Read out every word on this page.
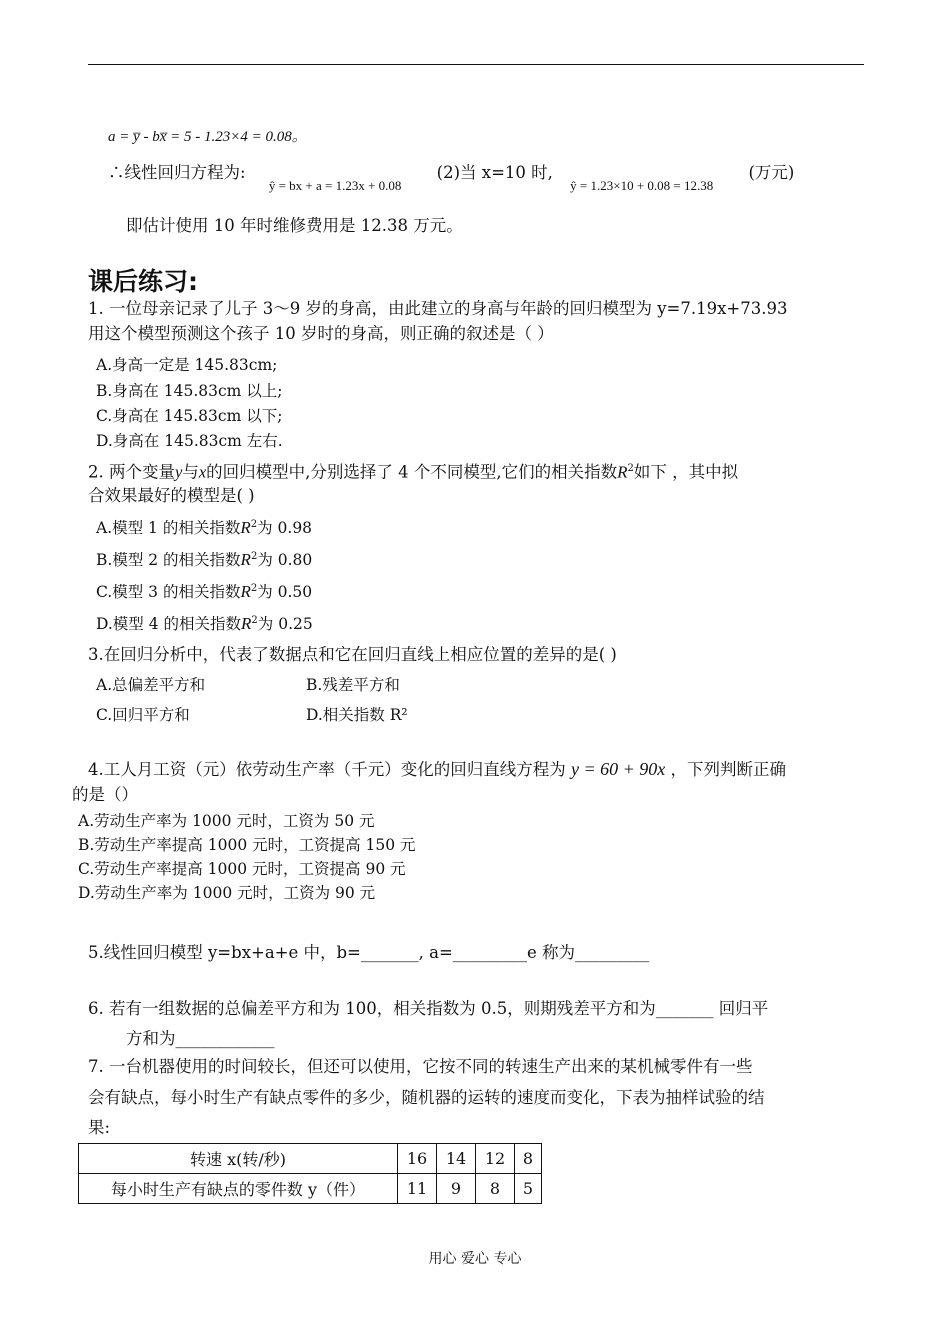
a = y̅ - bx̅ = 5 - 1.23×4 = 0.08。
∴线性回归方程为: $_{ŷ = bx + a = 1.23x + 0.08}$ (2)当 x=10 时, $_{ŷ = 1.23\times 10 + 0.08 = 12.38}$ (万元)
即估计使用 10 年时维修费用是 12.38 万元。
课后练习:
1. 一位母亲记录了儿子 3～9 岁的身高，由此建立的身高与年龄的回归模型为 y=7.19x+73.93
用这个模型预测这个孩子 10 岁时的身高，则正确的叙述是（ ）
A.身高一定是 145.83cm;
B.身高在 145.83cm 以上;
C.身高在 145.83cm 以下;
D.身高在 145.83cm 左右.
2. 两个变量y与x的回归模型中,分别选择了 4 个不同模型,它们的相关指数$R^2$如下 ，其中拟
合效果最好的模型是( )
A.模型 1 的相关指数$R^2$为 0.98
B.模型 2 的相关指数$R^2$为 0.80
C.模型 3 的相关指数$R^2$为 0.50
D.模型 4 的相关指数$R^2$为 0.25
3.在回归分析中，代表了数据点和它在回归直线上相应位置的差异的是( )
A.总偏差平方和	B.残差平方和
C.回归平方和	D.相关指数 R²
4.工人月工资（元）依劳动生产率（千元）变化的回归直线方程为 y = 60 + 90x ，下列判断正确
的是（）
A.劳动生产率为 1000 元时，工资为 50 元
B.劳动生产率提高 1000 元时，工资提高 150 元
C.劳动生产率提高 1000 元时，工资提高 90 元
D.劳动生产率为 1000 元时，工资为 90 元
5.线性回归模型 y=bx+a+e 中，b=_______, a=_________e 称为_________
6. 若有一组数据的总偏差平方和为 100，相关指数为 0.5，则期残差平方和为_______ 回归平
方和为____________
7. 一台机器使用的时间较长，但还可以使用，它按不同的转速生产出来的某机械零件有一些
会有缺点，每小时生产有缺点零件的多少，随机器的运转的速度而变化，下表为抽样试验的结
果:
转速 x(转/秒)	16	14	12	8
每小时生产有缺点的零件数 y（件）	11	9	8	5
用心 爱心 专心
